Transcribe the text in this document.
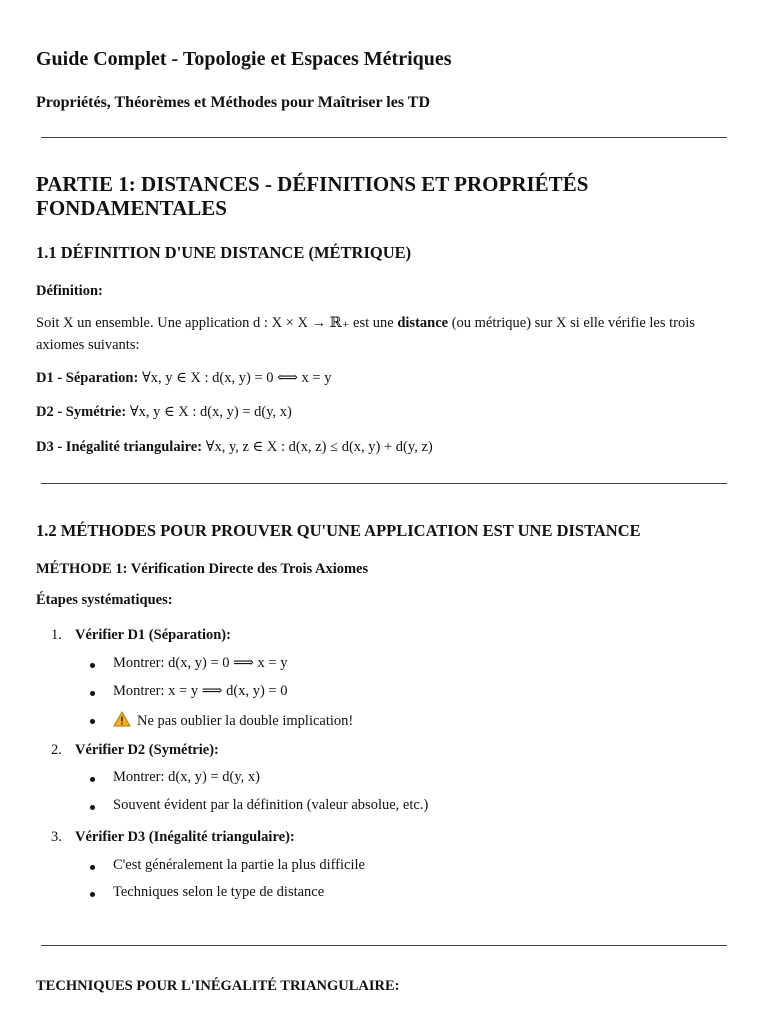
Guide Complet - Topologie et Espaces Métriques
Propriétés, Théorèmes et Méthodes pour Maîtriser les TD
PARTIE 1: DISTANCES - DÉFINITIONS ET PROPRIÉTÉS FONDAMENTALES
1.1 DÉFINITION D'UNE DISTANCE (MÉTRIQUE)
Définition:
Soit X un ensemble. Une application d : X × X → ℝ₊ est une distance (ou métrique) sur X si elle vérifie les trois axiomes suivants:
D1 - Séparation: ∀x, y ∈ X : d(x, y) = 0 ⟺ x = y
D2 - Symétrie: ∀x, y ∈ X : d(x, y) = d(y, x)
D3 - Inégalité triangulaire: ∀x, y, z ∈ X : d(x, z) ≤ d(x, y) + d(y, z)
1.2 MÉTHODES POUR PROUVER QU'UNE APPLICATION EST UNE DISTANCE
MÉTHODE 1: Vérification Directe des Trois Axiomes
Étapes systématiques:
1. Vérifier D1 (Séparation):
Montrer: d(x, y) = 0 ⟹ x = y
Montrer: x = y ⟹ d(x, y) = 0
Ne pas oublier la double implication!
2. Vérifier D2 (Symétrie):
Montrer: d(x, y) = d(y, x)
Souvent évident par la définition (valeur absolue, etc.)
3. Vérifier D3 (Inégalité triangulaire):
C'est généralement la partie la plus difficile
Techniques selon le type de distance
TECHNIQUES POUR L'INÉGALITÉ TRIANGULAIRE:
